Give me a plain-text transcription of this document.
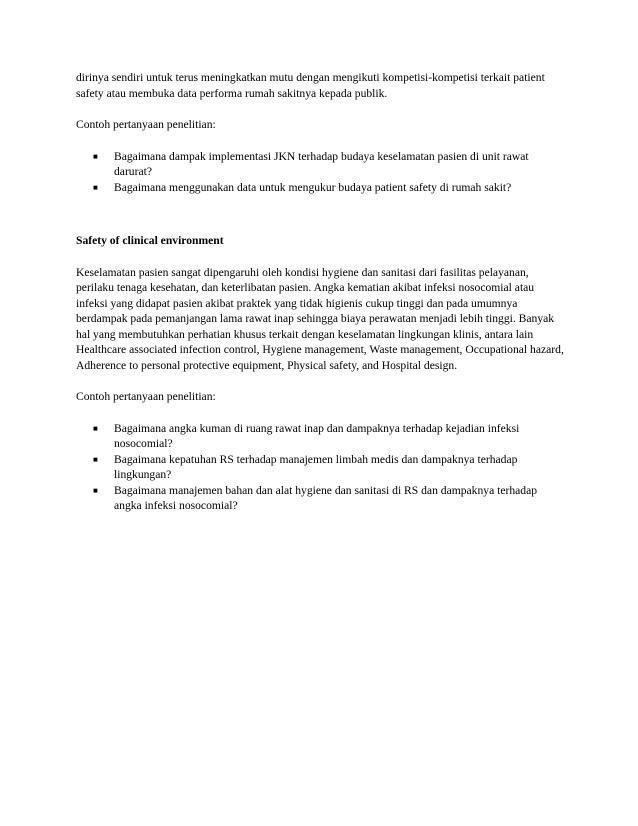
dirinya sendiri untuk terus meningkatkan mutu dengan mengikuti kompetisi-kompetisi terkait patient safety atau membuka data performa rumah sakitnya kepada publik.

Contoh pertanyaan penelitian:

■ Bagaimana dampak implementasi JKN terhadap budaya keselamatan pasien di unit rawat darurat?
■ Bagaimana menggunakan data untuk mengukur budaya patient safety di rumah sakit?

Safety of clinical environment

Keselamatan pasien sangat dipengaruhi oleh kondisi hygiene dan sanitasi dari fasilitas pelayanan, perilaku tenaga kesehatan, dan keterlibatan pasien. Angka kematian akibat infeksi nosocomial atau infeksi yang didapat pasien akibat praktek yang tidak higienis cukup tinggi dan pada umumnya berdampak pada pemanjangan lama rawat inap sehingga biaya perawatan menjadi lebih tinggi. Banyak hal yang membutuhkan perhatian khusus terkait dengan keselamatan lingkungan klinis, antara lain Healthcare associated infection control, Hygiene management, Waste management, Occupational hazard, Adherence to personal protective equipment, Physical safety, and Hospital design.

Contoh pertanyaan penelitian:

■ Bagaimana angka kuman di ruang rawat inap dan dampaknya terhadap kejadian infeksi nosocomial?
■ Bagaimana kepatuhan RS terhadap manajemen limbah medis dan dampaknya terhadap lingkungan?
■ Bagaimana manajemen bahan dan alat hygiene dan sanitasi di RS dan dampaknya terhadap angka infeksi nosocomial?
